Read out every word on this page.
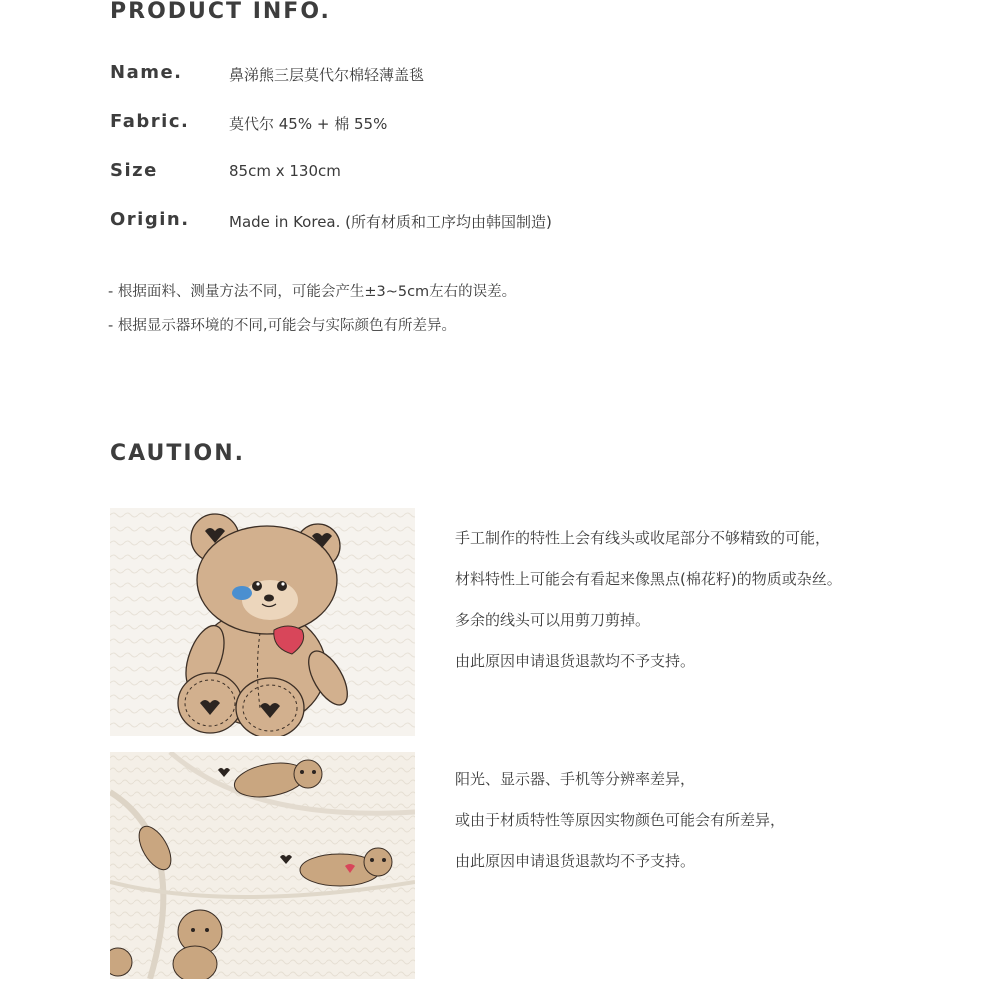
PRODUCT INFO.
Name.	鼻涕熊三层莫代尔棉轻薄盖毯
Fabric.	莫代尔 45% + 棉 55%
Size	85cm x 130cm
Origin.	Made in Korea. (所有材质和工序均由韩国制造)
- 根据面料、测量方法不同，可能会产生±3~5cm左右的误差。
- 根据显示器环境的不同,可能会与实际颜色有所差异。
CAUTION.
手工制作的特性上会有线头或收尾部分不够精致的可能，
材料特性上可能会有看起来像黑点(棉花籽)的物质或杂丝。
多余的线头可以用剪刀剪掉。
由此原因申请退货退款均不予支持。
阳光、显示器、手机等分辨率差异，
或由于材质特性等原因实物颜色可能会有所差异，
由此原因申请退货退款均不予支持。
